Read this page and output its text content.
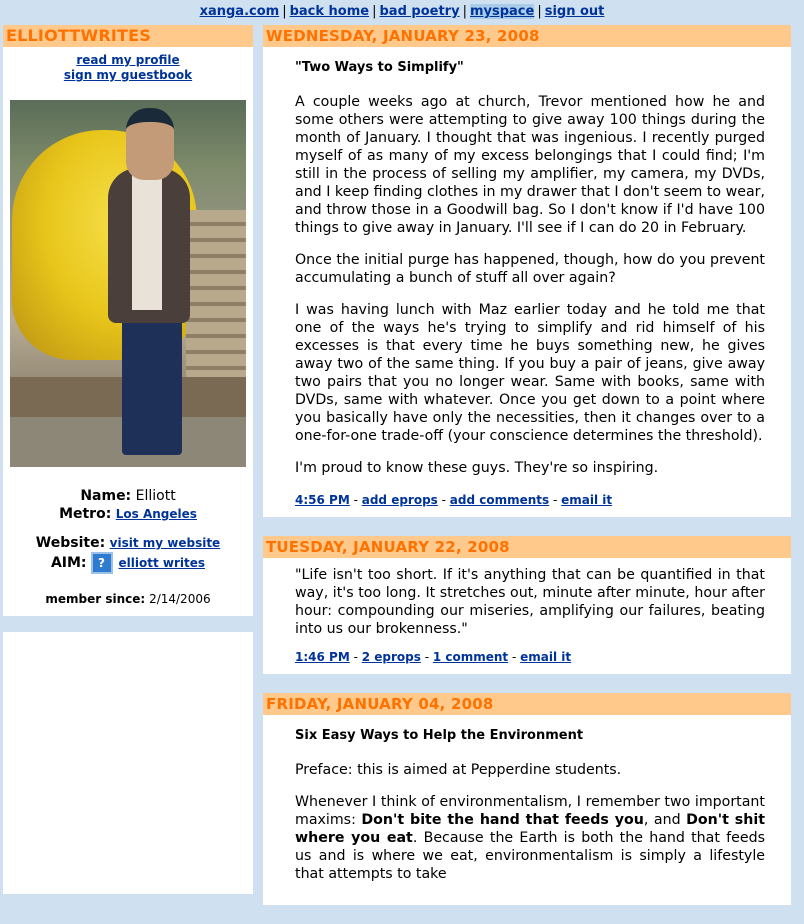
xanga.com | back home | bad poetry | myspace | sign out
ELLIOTTWRITES
read my profile
sign my guestbook
Name: Elliott
Metro: Los Angeles
Website: visit my website
AIM: ? elliott writes
member since: 2/14/2006
WEDNESDAY, JANUARY 23, 2008
"Two Ways to Simplify"

A couple weeks ago at church, Trevor mentioned how he and some others were attempting to give away 100 things during the month of January. I thought that was ingenious. I recently purged myself of as many of my excess belongings that I could find; I'm still in the process of selling my amplifier, my camera, my DVDs, and I keep finding clothes in my drawer that I don't seem to wear, and throw those in a Goodwill bag. So I don't know if I'd have 100 things to give away in January. I'll see if I can do 20 in February.

Once the initial purge has happened, though, how do you prevent accumulating a bunch of stuff all over again?

I was having lunch with Maz earlier today and he told me that one of the ways he's trying to simplify and rid himself of his excesses is that every time he buys something new, he gives away two of the same thing. If you buy a pair of jeans, give away two pairs that you no longer wear. Same with books, same with DVDs, same with whatever. Once you get down to a point where you basically have only the necessities, then it changes over to a one-for-one trade-off (your conscience determines the threshold).

I'm proud to know these guys. They're so inspiring.

4:56 PM - add eprops - add comments - email it
TUESDAY, JANUARY 22, 2008

"Life isn't too short. If it's anything that can be quantified in that way, it's too long. It stretches out, minute after minute, hour after hour: compounding our miseries, amplifying our failures, beating into us our brokenness."

1:46 PM - 2 eprops - 1 comment - email it
FRIDAY, JANUARY 04, 2008
Six Easy Ways to Help the Environment

Preface: this is aimed at Pepperdine students.

Whenever I think of environmentalism, I remember two important maxims: Don't bite the hand that feeds you, and Don't shit where you eat. Because the Earth is both the hand that feeds us and is where we eat, environmentalism is simply a lifestyle that attempts to take
